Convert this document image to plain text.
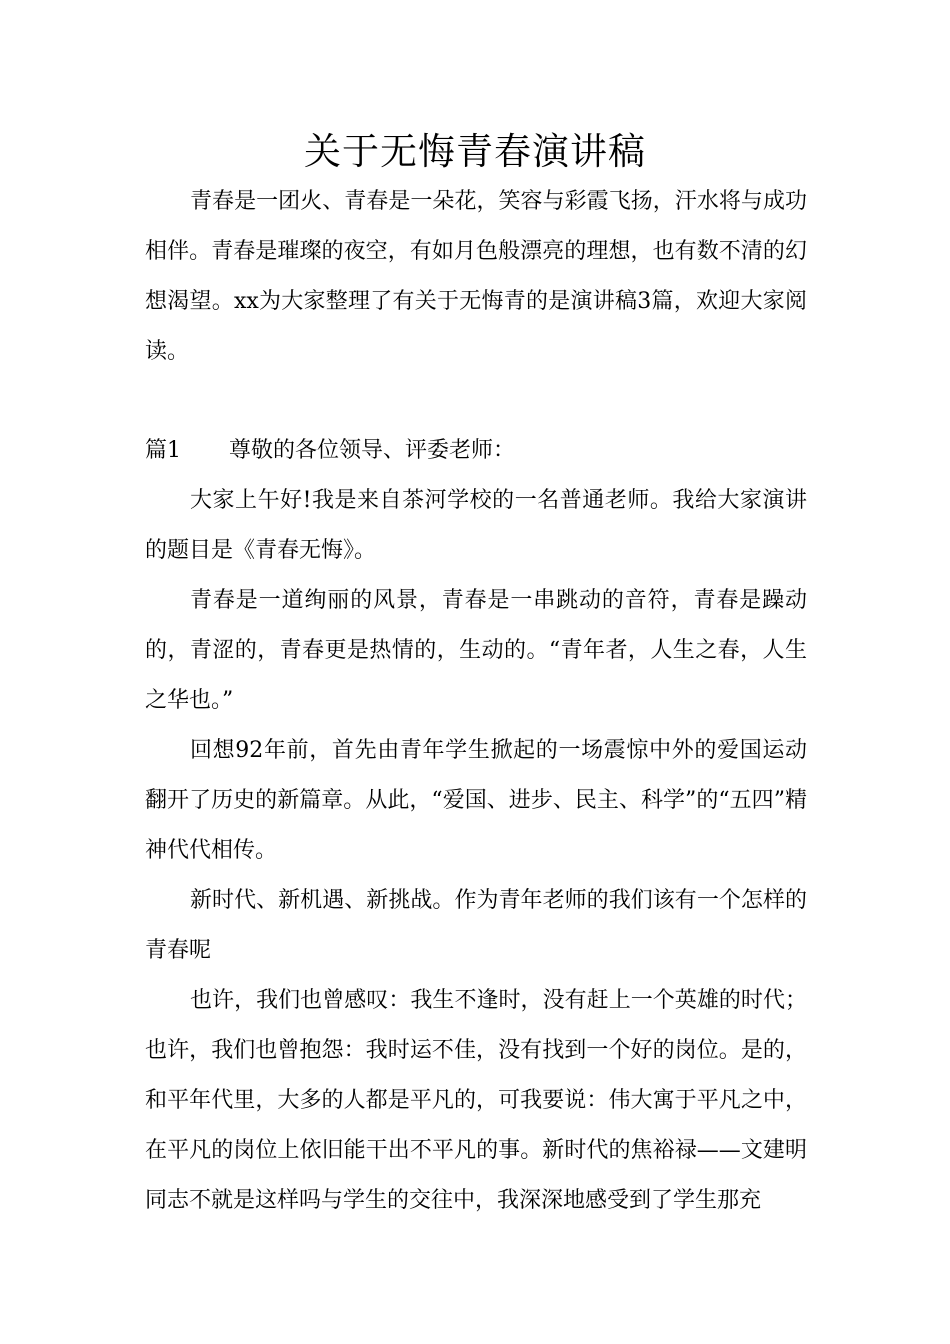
关于无悔青春演讲稿

青春是一团火、青春是一朵花，笑容与彩霞飞扬，汗水将与成功相伴。青春是璀璨的夜空，有如月色般漂亮的理想，也有数不清的幻想渴望。xx为大家整理了有关于无悔青的是演讲稿3篇，欢迎大家阅读。

篇1 尊敬的各位领导、评委老师：

大家上午好!我是来自茶河学校的一名普通老师。我给大家演讲的题目是《青春无悔》。

青春是一道绚丽的风景，青春是一串跳动的音符，青春是躁动的，青涩的，青春更是热情的，生动的。“青年者，人生之春，人生之华也。”

回想92年前，首先由青年学生掀起的一场震惊中外的爱国运动翻开了历史的新篇章。从此，“爱国、进步、民主、科学”的“五四”精神代代相传。

新时代、新机遇、新挑战。作为青年老师的我们该有一个怎样的青春呢

也许，我们也曾感叹：我生不逢时，没有赶上一个英雄的时代；也许，我们也曾抱怨：我时运不佳，没有找到一个好的岗位。是的，和平年代里，大多的人都是平凡的，可我要说：伟大寓于平凡之中，在平凡的岗位上依旧能干出不平凡的事。新时代的焦裕禄——文建明同志不就是这样吗与学生的交往中，我深深地感受到了学生那充
